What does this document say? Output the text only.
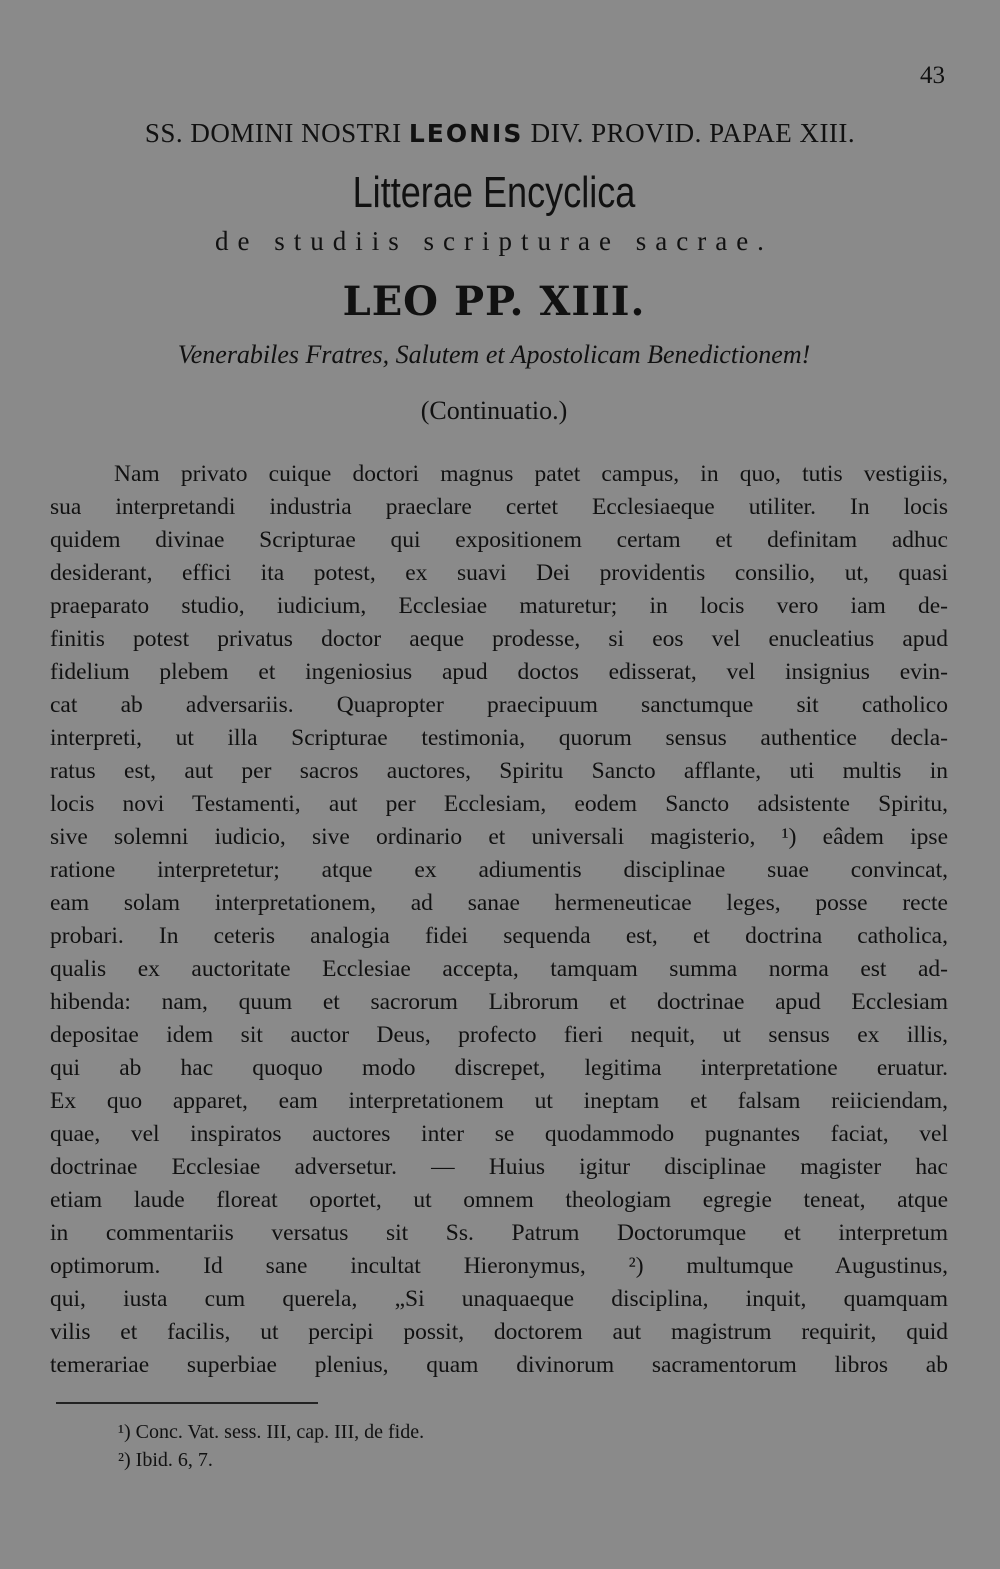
43
SS. DOMINI NOSTRI LEONIS DIV. PROVID. PAPAE XIII.
Litterae Encyclica
de studiis scripturae sacrae.
LEO PP. XIII.
Venerabiles Fratres, Salutem et Apostolicam Benedictionem!
(Continuatio.)
Nam privato cuique doctori magnus patet campus, in quo, tutis vestigiis,
sua interpretandi industria praeclare certet Ecclesiaeque utiliter. In locis
quidem divinae Scripturae qui expositionem certam et definitam adhuc
desiderant, effici ita potest, ex suavi Dei providentis consilio, ut, quasi
praeparato studio, iudicium, Ecclesiae maturetur; in locis vero iam de-
finitis potest privatus doctor aeque prodesse, si eos vel enucleatius apud
fidelium plebem et ingeniosius apud doctos edisserat, vel insignius evin-
cat ab adversariis. Quapropter praecipuum sanctumque sit catholico
interpreti, ut illa Scripturae testimonia, quorum sensus authentice decla-
ratus est, aut per sacros auctores, Spiritu Sancto afflante, uti multis in
locis novi Testamenti, aut per Ecclesiam, eodem Sancto adsistente Spiritu,
sive solemni iudicio, sive ordinario et universali magisterio, ¹) eâdem ipse
ratione interpretetur; atque ex adiumentis disciplinae suae convincat,
eam solam interpretationem, ad sanae hermeneuticae leges, posse recte
probari. In ceteris analogia fidei sequenda est, et doctrina catholica,
qualis ex auctoritate Ecclesiae accepta, tamquam summa norma est ad-
hibenda: nam, quum et sacrorum Librorum et doctrinae apud Ecclesiam
depositae idem sit auctor Deus, profecto fieri nequit, ut sensus ex illis,
qui ab hac quoquo modo discrepet, legitima interpretatione eruatur.
Ex quo apparet, eam interpretationem ut ineptam et falsam reiiciendam,
quae, vel inspiratos auctores inter se quodammodo pugnantes faciat, vel
doctrinae Ecclesiae adversetur. — Huius igitur disciplinae magister hac
etiam laude floreat oportet, ut omnem theologiam egregie teneat, atque
in commentariis versatus sit Ss. Patrum Doctorumque et interpretum
optimorum. Id sane incultat Hieronymus, ²) multumque Augustinus,
qui, iusta cum querela, „Si unaquaeque disciplina, inquit, quamquam
vilis et facilis, ut percipi possit, doctorem aut magistrum requirit, quid
temerariae superbiae plenius, quam divinorum sacramentorum libros ab
¹) Conc. Vat. sess. III, cap. III, de fide.
²) Ibid. 6, 7.
